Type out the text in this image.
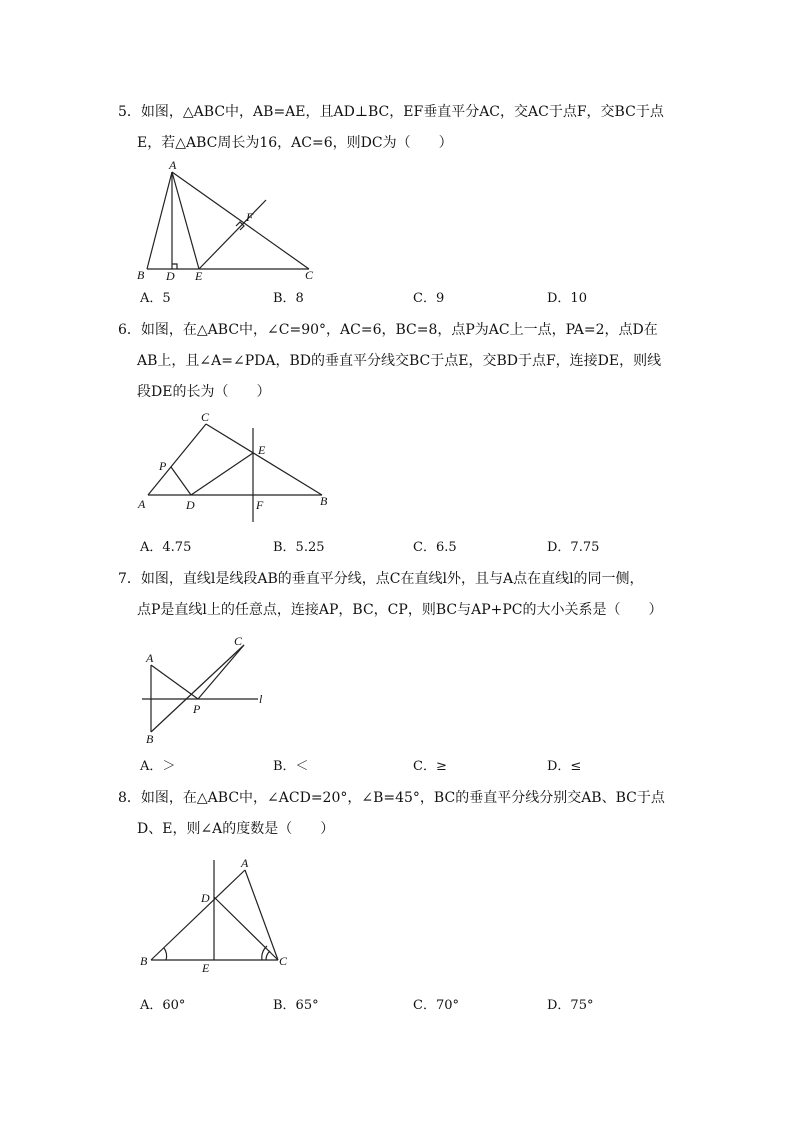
5．如图，△ABC中，AB=AE，且AD⊥BC，EF垂直平分AC，交AC于点F，交BC于点
E，若△ABC周长为16，AC=6，则DC为（　　）
A
B D E	C
F
C
P
A	D
E
F	B
A
B
C
P
l
A
D
B	E	C
A．5	B．8	C．9	D．10
6．如图，在△ABC中，∠C=90°，AC=6，BC=8，点P为AC上一点，PA=2，点D在
AB上，且∠A=∠PDA，BD的垂直平分线交BC于点E，交BD于点F，连接DE，则线
段DE的长为（　　）
A．4.75	B．5.25	C．6.5	D．7.75
7．如图，直线l是线段AB的垂直平分线，点C在直线l外，且与A点在直线l的同一侧，
点P是直线l上的任意点，连接AP，BC，CP，则BC与AP+PC的大小关系是（　　）
A．＞	B．＜	C．≥	D．≤
8．如图，在△ABC中，∠ACD=20°，∠B=45°，BC的垂直平分线分别交AB、BC于点
D、E，则∠A的度数是（　　）
A．60°	B．65°	C．70°	D．75°
